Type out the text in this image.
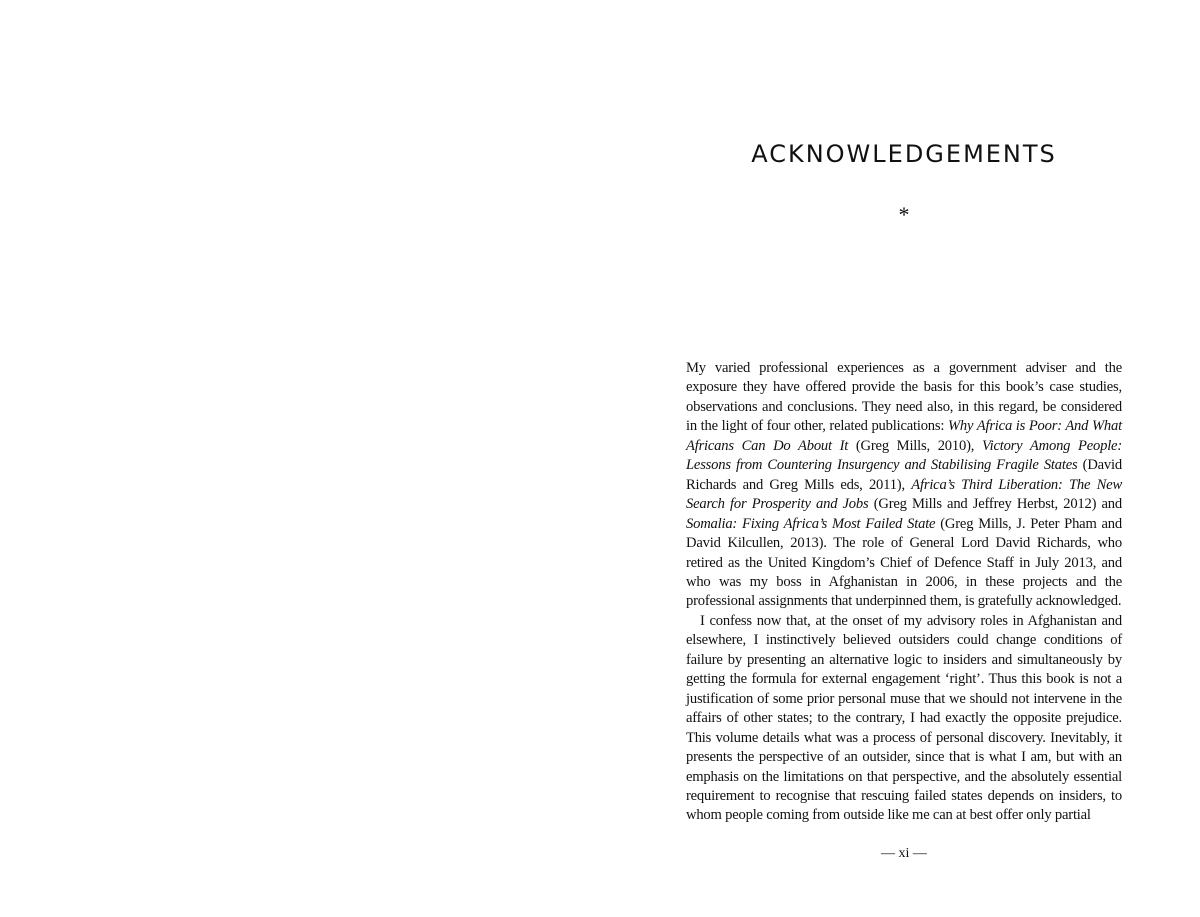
ACKNOWLEDGEMENTS
*

My varied professional experiences as a government adviser and the exposure they have offered provide the basis for this book’s case studies, observations and conclusions. They need also, in this regard, be considered in the light of four other, related publications: Why Africa is Poor: And What Africans Can Do About It (Greg Mills, 2010), Victory Among People: Lessons from Countering Insurgency and Stabilising Fragile States (David Richards and Greg Mills eds, 2011), Africa’s Third Liberation: The New Search for Prosperity and Jobs (Greg Mills and Jeffrey Herbst, 2012) and Somalia: Fixing Africa’s Most Failed State (Greg Mills, J. Peter Pham and David Kilcullen, 2013). The role of General Lord David Richards, who retired as the United Kingdom’s Chief of Defence Staff in July 2013, and who was my boss in Afghanistan in 2006, in these projects and the professional assignments that underpinned them, is gratefully acknowledged.

I confess now that, at the onset of my advisory roles in Afghanistan and elsewhere, I instinctively believed outsiders could change conditions of failure by presenting an alternative logic to insiders and simultaneously by getting the formula for external engagement ‘right’. Thus this book is not a justification of some prior personal muse that we should not intervene in the affairs of other states; to the contrary, I had exactly the opposite prejudice. This volume details what was a process of personal discovery. Inevitably, it presents the perspective of an outsider, since that is what I am, but with an emphasis on the limitations on that perspective, and the absolutely essential requirement to recognise that rescuing failed states depends on insiders, to whom people coming from outside like me can at best offer only partial

— xi —
